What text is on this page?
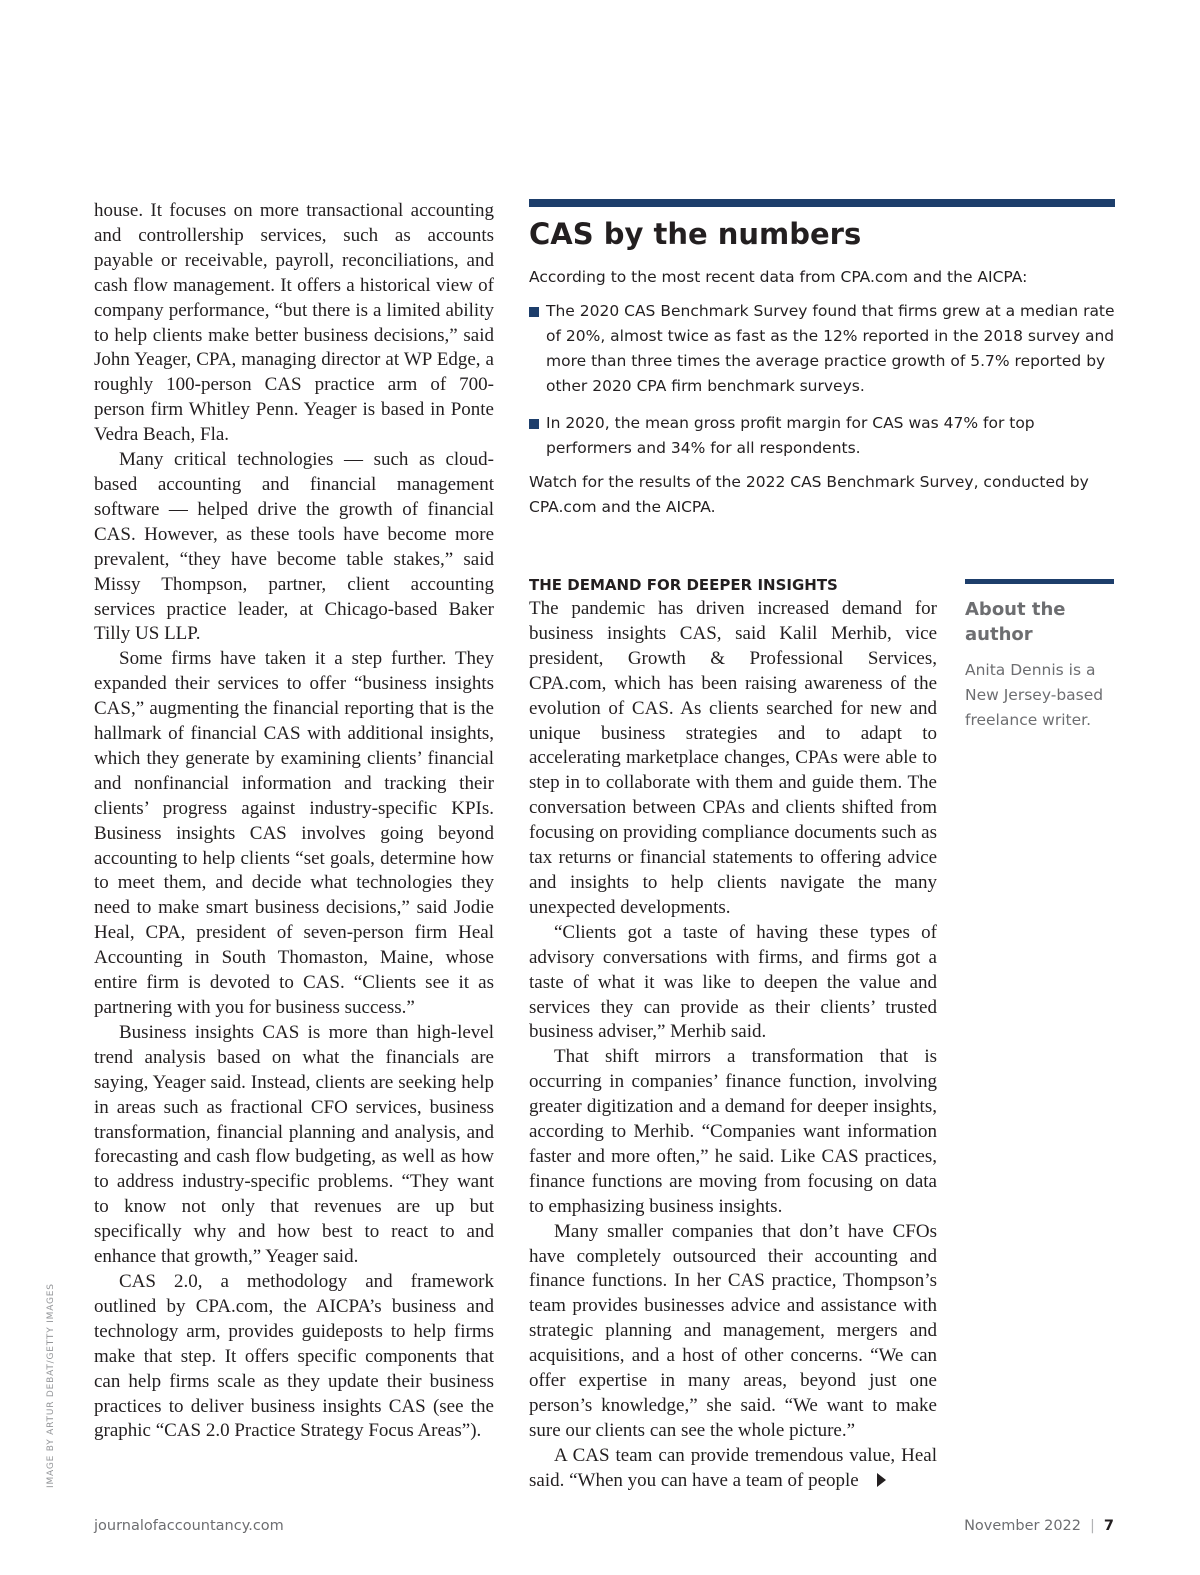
house. It focuses on more transactional accounting and controllership services, such as accounts payable or receivable, payroll, reconciliations, and cash flow management. It offers a historical view of company performance, “but there is a limited ability to help clients make better business decisions,” said John Yeager, CPA, managing director at WP Edge, a roughly 100-person CAS practice arm of 700-person firm Whitley Penn. Yeager is based in Ponte Vedra Beach, Fla.

Many critical technologies — such as cloud-based accounting and financial management software — helped drive the growth of financial CAS. However, as these tools have become more prevalent, “they have become table stakes,” said Missy Thompson, partner, client accounting services practice leader, at Chicago-based Baker Tilly US LLP.

Some firms have taken it a step further. They expanded their services to offer “business insights CAS,” augmenting the financial reporting that is the hallmark of financial CAS with additional insights, which they generate by examining clients’ financial and nonfinancial information and tracking their clients’ progress against industry-specific KPIs. Business insights CAS involves going beyond accounting to help clients “set goals, determine how to meet them, and decide what technologies they need to make smart business decisions,” said Jodie Heal, CPA, president of seven-person firm Heal Accounting in South Thomaston, Maine, whose entire firm is devoted to CAS. “Clients see it as partnering with you for business success.”

Business insights CAS is more than high-level trend analysis based on what the financials are saying, Yeager said. Instead, clients are seeking help in areas such as fractional CFO services, business transformation, financial planning and analysis, and forecasting and cash flow budgeting, as well as how to address industry-specific problems. “They want to know not only that revenues are up but specifically why and how best to react to and enhance that growth,” Yeager said.

CAS 2.0, a methodology and framework outlined by CPA.com, the AICPA’s business and technology arm, provides guideposts to help firms make that step. It offers specific components that can help firms scale as they update their business practices to deliver business insights CAS (see the graphic “CAS 2.0 Practice Strategy Focus Areas”).

CAS by the numbers

According to the most recent data from CPA.com and the AICPA:

The 2020 CAS Benchmark Survey found that firms grew at a median rate of 20%, almost twice as fast as the 12% reported in the 2018 survey and more than three times the average practice growth of 5.7% reported by other 2020 CPA firm benchmark surveys.
In 2020, the mean gross profit margin for CAS was 47% for top performers and 34% for all respondents.

Watch for the results of the 2022 CAS Benchmark Survey, conducted by CPA.com and the AICPA.

THE DEMAND FOR DEEPER INSIGHTS

The pandemic has driven increased demand for business insights CAS, said Kalil Merhib, vice president, Growth & Professional Services, CPA.com, which has been raising awareness of the evolution of CAS. As clients searched for new and unique business strategies and to adapt to accelerating marketplace changes, CPAs were able to step in to collaborate with them and guide them. The conversation between CPAs and clients shifted from focusing on providing compliance documents such as tax returns or financial statements to offering advice and insights to help clients navigate the many unexpected developments.

“Clients got a taste of having these types of advisory conversations with firms, and firms got a taste of what it was like to deepen the value and services they can provide as their clients’ trusted business adviser,” Merhib said.

That shift mirrors a transformation that is occurring in companies’ finance function, involving greater digitization and a demand for deeper insights, according to Merhib. “Companies want information faster and more often,” he said. Like CAS practices, finance functions are moving from focusing on data to emphasizing business insights.

Many smaller companies that don’t have CFOs have completely outsourced their accounting and finance functions. In her CAS practice, Thompson’s team provides businesses advice and assistance with strategic planning and management, mergers and acquisitions, and a host of other concerns. “We can offer expertise in many areas, beyond just one person’s knowledge,” she said. “We want to make sure our clients can see the whole picture.”

A CAS team can provide tremendous value, Heal said. “When you can have a team of people

About the author

Anita Dennis is a New Jersey-based freelance writer.

IMAGE BY ARTUR DEBAT/GETTY IMAGES

journalofaccountancy.com	November 2022 | 7
